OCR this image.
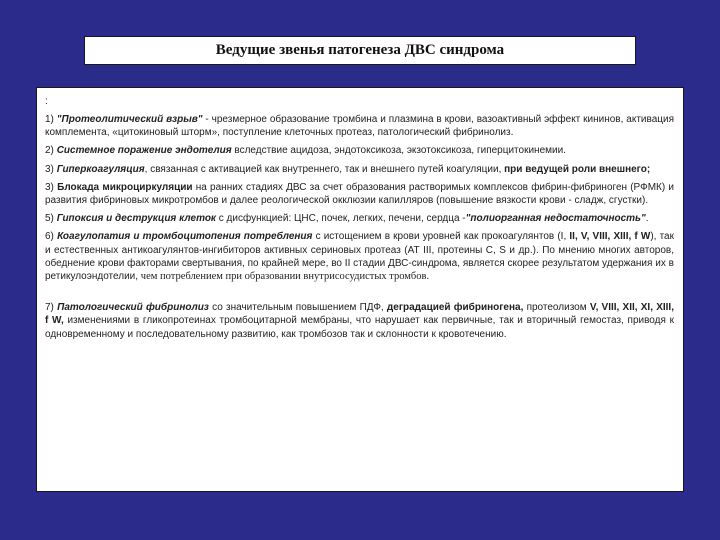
Ведущие звенья патогенеза ДВС синдрома
:
1) "Протеолитический взрыв" - чрезмерное образование тромбина и плазмина в крови, вазоактивный эффект кининов, активация комплемента, «цитокиновый шторм», поступление клеточных протеаз, патологический фибринолиз.
2) Системное поражение эндотелия вследствие ацидоза, эндотоксикоза, экзотоксикоза, гиперцитокинемии.
3) Гиперкоагуляция, связанная с активацией как внутреннего, так и внешнего путей коагуляции, при ведущей роли внешнего;
3) Блокада микроциркуляции на ранних стадиях ДВС за счет образования растворимых комплексов фибрин-фибриноген (РФМК) и развития фибриновых микротромбов и далее реологической окклюзии капилляров (повышение вязкости крови - сладж, сгустки).
5) Гипоксия и деструкция клеток с дисфункцией: ЦНС, почек, легких, печени, сердца -"полиорганная недостаточность".
6) Коагулопатия и тромбоцитопения потребления с истощением в крови уровней как прокоагулянтов (I, II, V, VIII, XIII, f W), так и естественных антикоагулянтов-ингибиторов активных сериновых протеаз (АТ III, протеины С, S и др.). По мнению многих авторов, обеднение крови факторами свертывания, по крайней мере, во II стадии ДВС-синдрома, является скорее результатом удержания их в ретикулоэндотелии, чем потреблением при образовании внутрисосудистых тромбов.
7) Патологический фибринолиз со значительным повышением ПДФ, деградацией фибриногена, протеолизом V, VIII, XII, XI, XIII, f W, изменениями в гликопротеинах тромбоцитарной мембраны, что нарушает как первичные, так и вторичный гемостаз, приводя к одновременному и последовательному развитию, как тромбозов так и склонности к кровотечению.
